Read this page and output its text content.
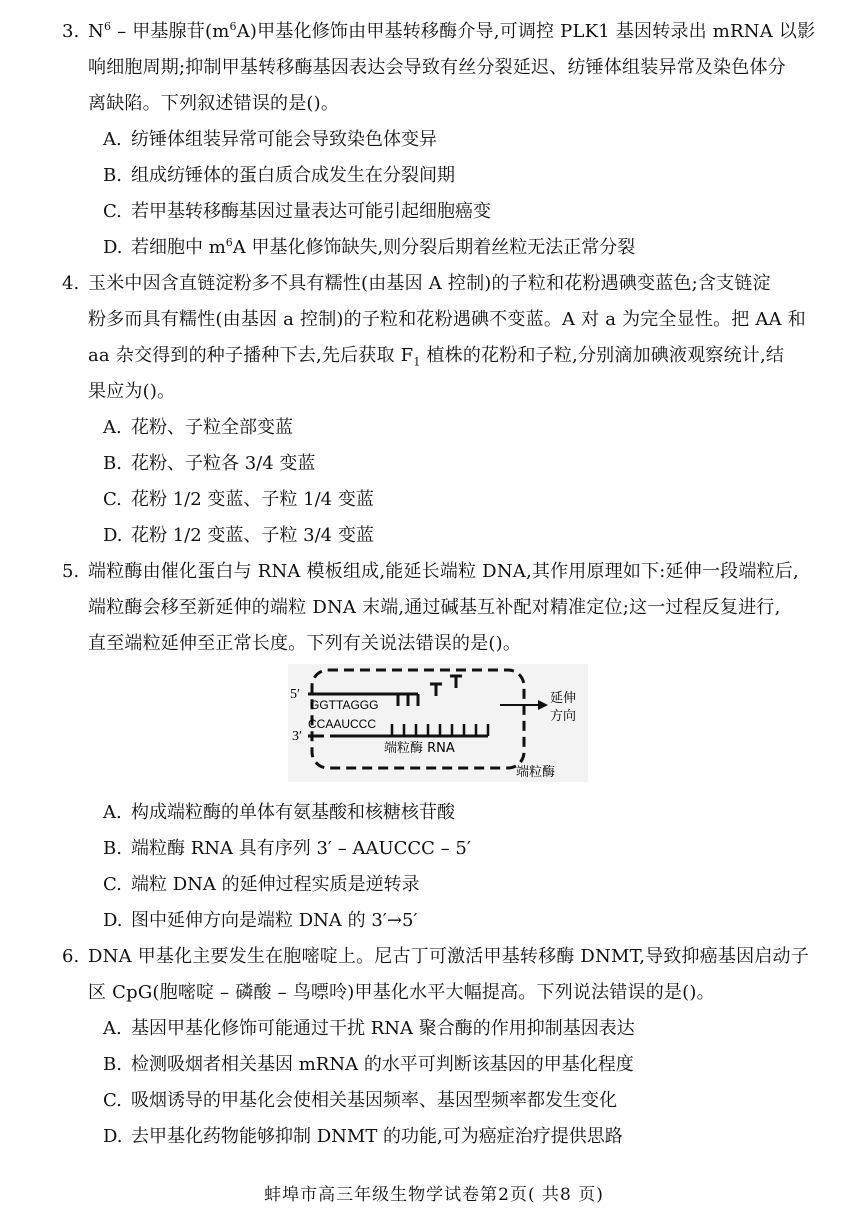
3. $N^6$ – 甲基腺苷$(m^6A)$甲基化修饰由甲基转移酶介导,可调控 PLK1 基因转录出 mRNA 以影
响细胞周期;抑制甲基转移酶基因表达会导致有丝分裂延迟、纺锤体组装异常及染色体分
离缺陷。下列叙述错误的是()。
A. 纺锤体组装异常可能会导致染色体变异
B. 组成纺锤体的蛋白质合成发生在分裂间期
C. 若甲基转移酶基因过量表达可能引起细胞癌变
D. 若细胞中 $m^6A$ 甲基化修饰缺失,则分裂后期着丝粒无法正常分裂
4. 玉米中因含直链淀粉多不具有糯性(由基因 A 控制)的子粒和花粉遇碘变蓝色;含支链淀
粉多而具有糯性(由基因 a 控制)的子粒和花粉遇碘不变蓝。A 对 a 为完全显性。把 AA 和
aa 杂交得到的种子播种下去,先后获取 $F_1$ 植株的花粉和子粒,分别滴加碘液观察统计,结
果应为()。
A. 花粉、子粒全部变蓝
B. 花粉、子粒各 3/4 变蓝
C. 花粉 1/2 变蓝、子粒 1/4 变蓝
D. 花粉 1/2 变蓝、子粒 3/4 变蓝
5. 端粒酶由催化蛋白与 RNA 模板组成,能延长端粒 DNA,其作用原理如下:延伸一段端粒后,
端粒酶会移至新延伸的端粒 DNA 末端,通过碱基互补配对精准定位;这一过程反复进行,
直至端粒延伸至正常长度。下列有关说法错误的是()。
5′
GGTTAGGG
CCAAUCCC
3′
端粒酶 RNA
延伸
方向
端粒酶
A. 构成端粒酶的单体有氨基酸和核糖核苷酸
B. 端粒酶 RNA 具有序列 3′ – AAUCCC – 5′
C. 端粒 DNA 的延伸过程实质是逆转录
D. 图中延伸方向是端粒 DNA 的 3′→5′
6. DNA 甲基化主要发生在胞嘧啶上。尼古丁可激活甲基转移酶 DNMT,导致抑癌基因启动子
区 CpG(胞嘧啶 – 磷酸 – 鸟嘌呤)甲基化水平大幅提高。下列说法错误的是()。
A. 基因甲基化修饰可能通过干扰 RNA 聚合酶的作用抑制基因表达
B. 检测吸烟者相关基因 mRNA 的水平可判断该基因的甲基化程度
C. 吸烟诱导的甲基化会使相关基因频率、基因型频率都发生变化
D. 去甲基化药物能够抑制 DNMT 的功能,可为癌症治疗提供思路
蚌埠市高三年级生物学试卷第2页( 共8 页)
